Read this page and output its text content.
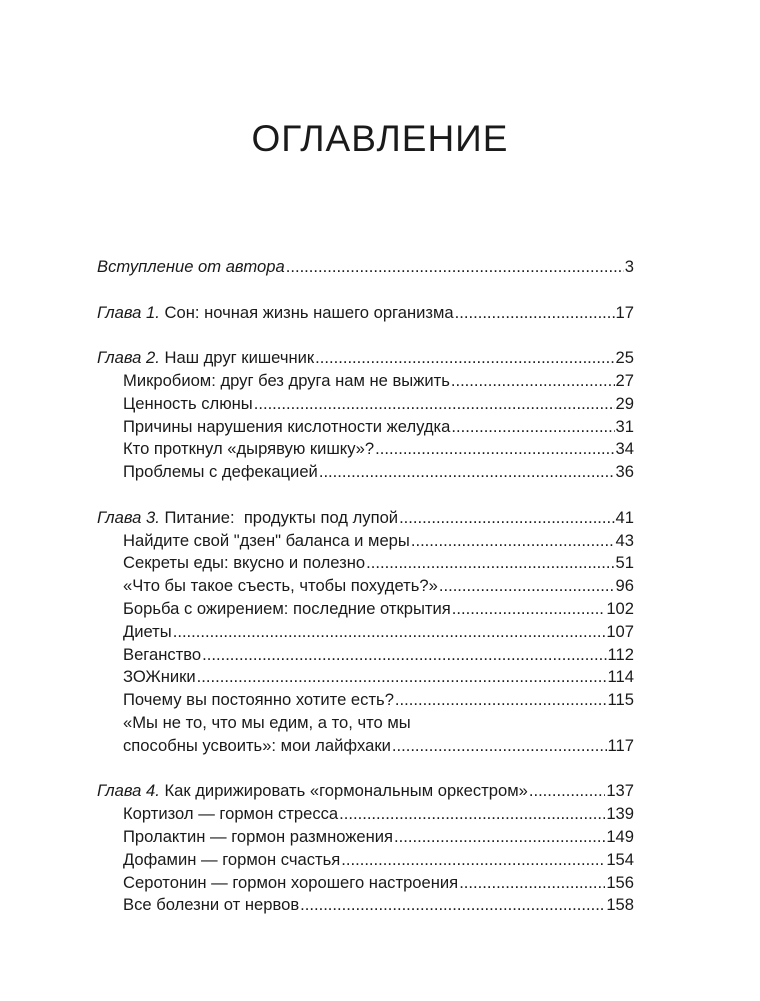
ОГЛАВЛЕНИЕ
Вступление от автора .....	3
Глава 1. Сон: ночная жизнь нашего организма .....	17
Глава 2. Наш друг кишечник .....	25
Микробиом: друг без друга нам не выжить .....	27
Ценность слюны .....	29
Причины нарушения кислотности желудка .....	31
Кто проткнул «дырявую кишку»? .....	34
Проблемы с дефекацией .....	36
Глава 3. Питание:  продукты под лупой .....	41
Найдите свой "дзен" баланса и меры .....	43
Секреты еды: вкусно и полезно .....	51
«Что бы такое съесть, чтобы похудеть?» .....	96
Борьба с ожирением: последние открытия .....	102
Диеты .....	107
Веганство .....	112
ЗОЖники .....	114
Почему вы постоянно хотите есть? .....	115
«Мы не то, что мы едим, а то, что мы
способны усвоить»: мои лайфхаки .....	117
Глава 4. Как дирижировать «гормональным оркестром» .....	137
Кортизол — гормон стресса .....	139
Пролактин — гормон размножения .....	149
Дофамин — гормон счастья .....	154
Серотонин — гормон хорошего настроения .....	156
Все болезни от нервов .....	158
